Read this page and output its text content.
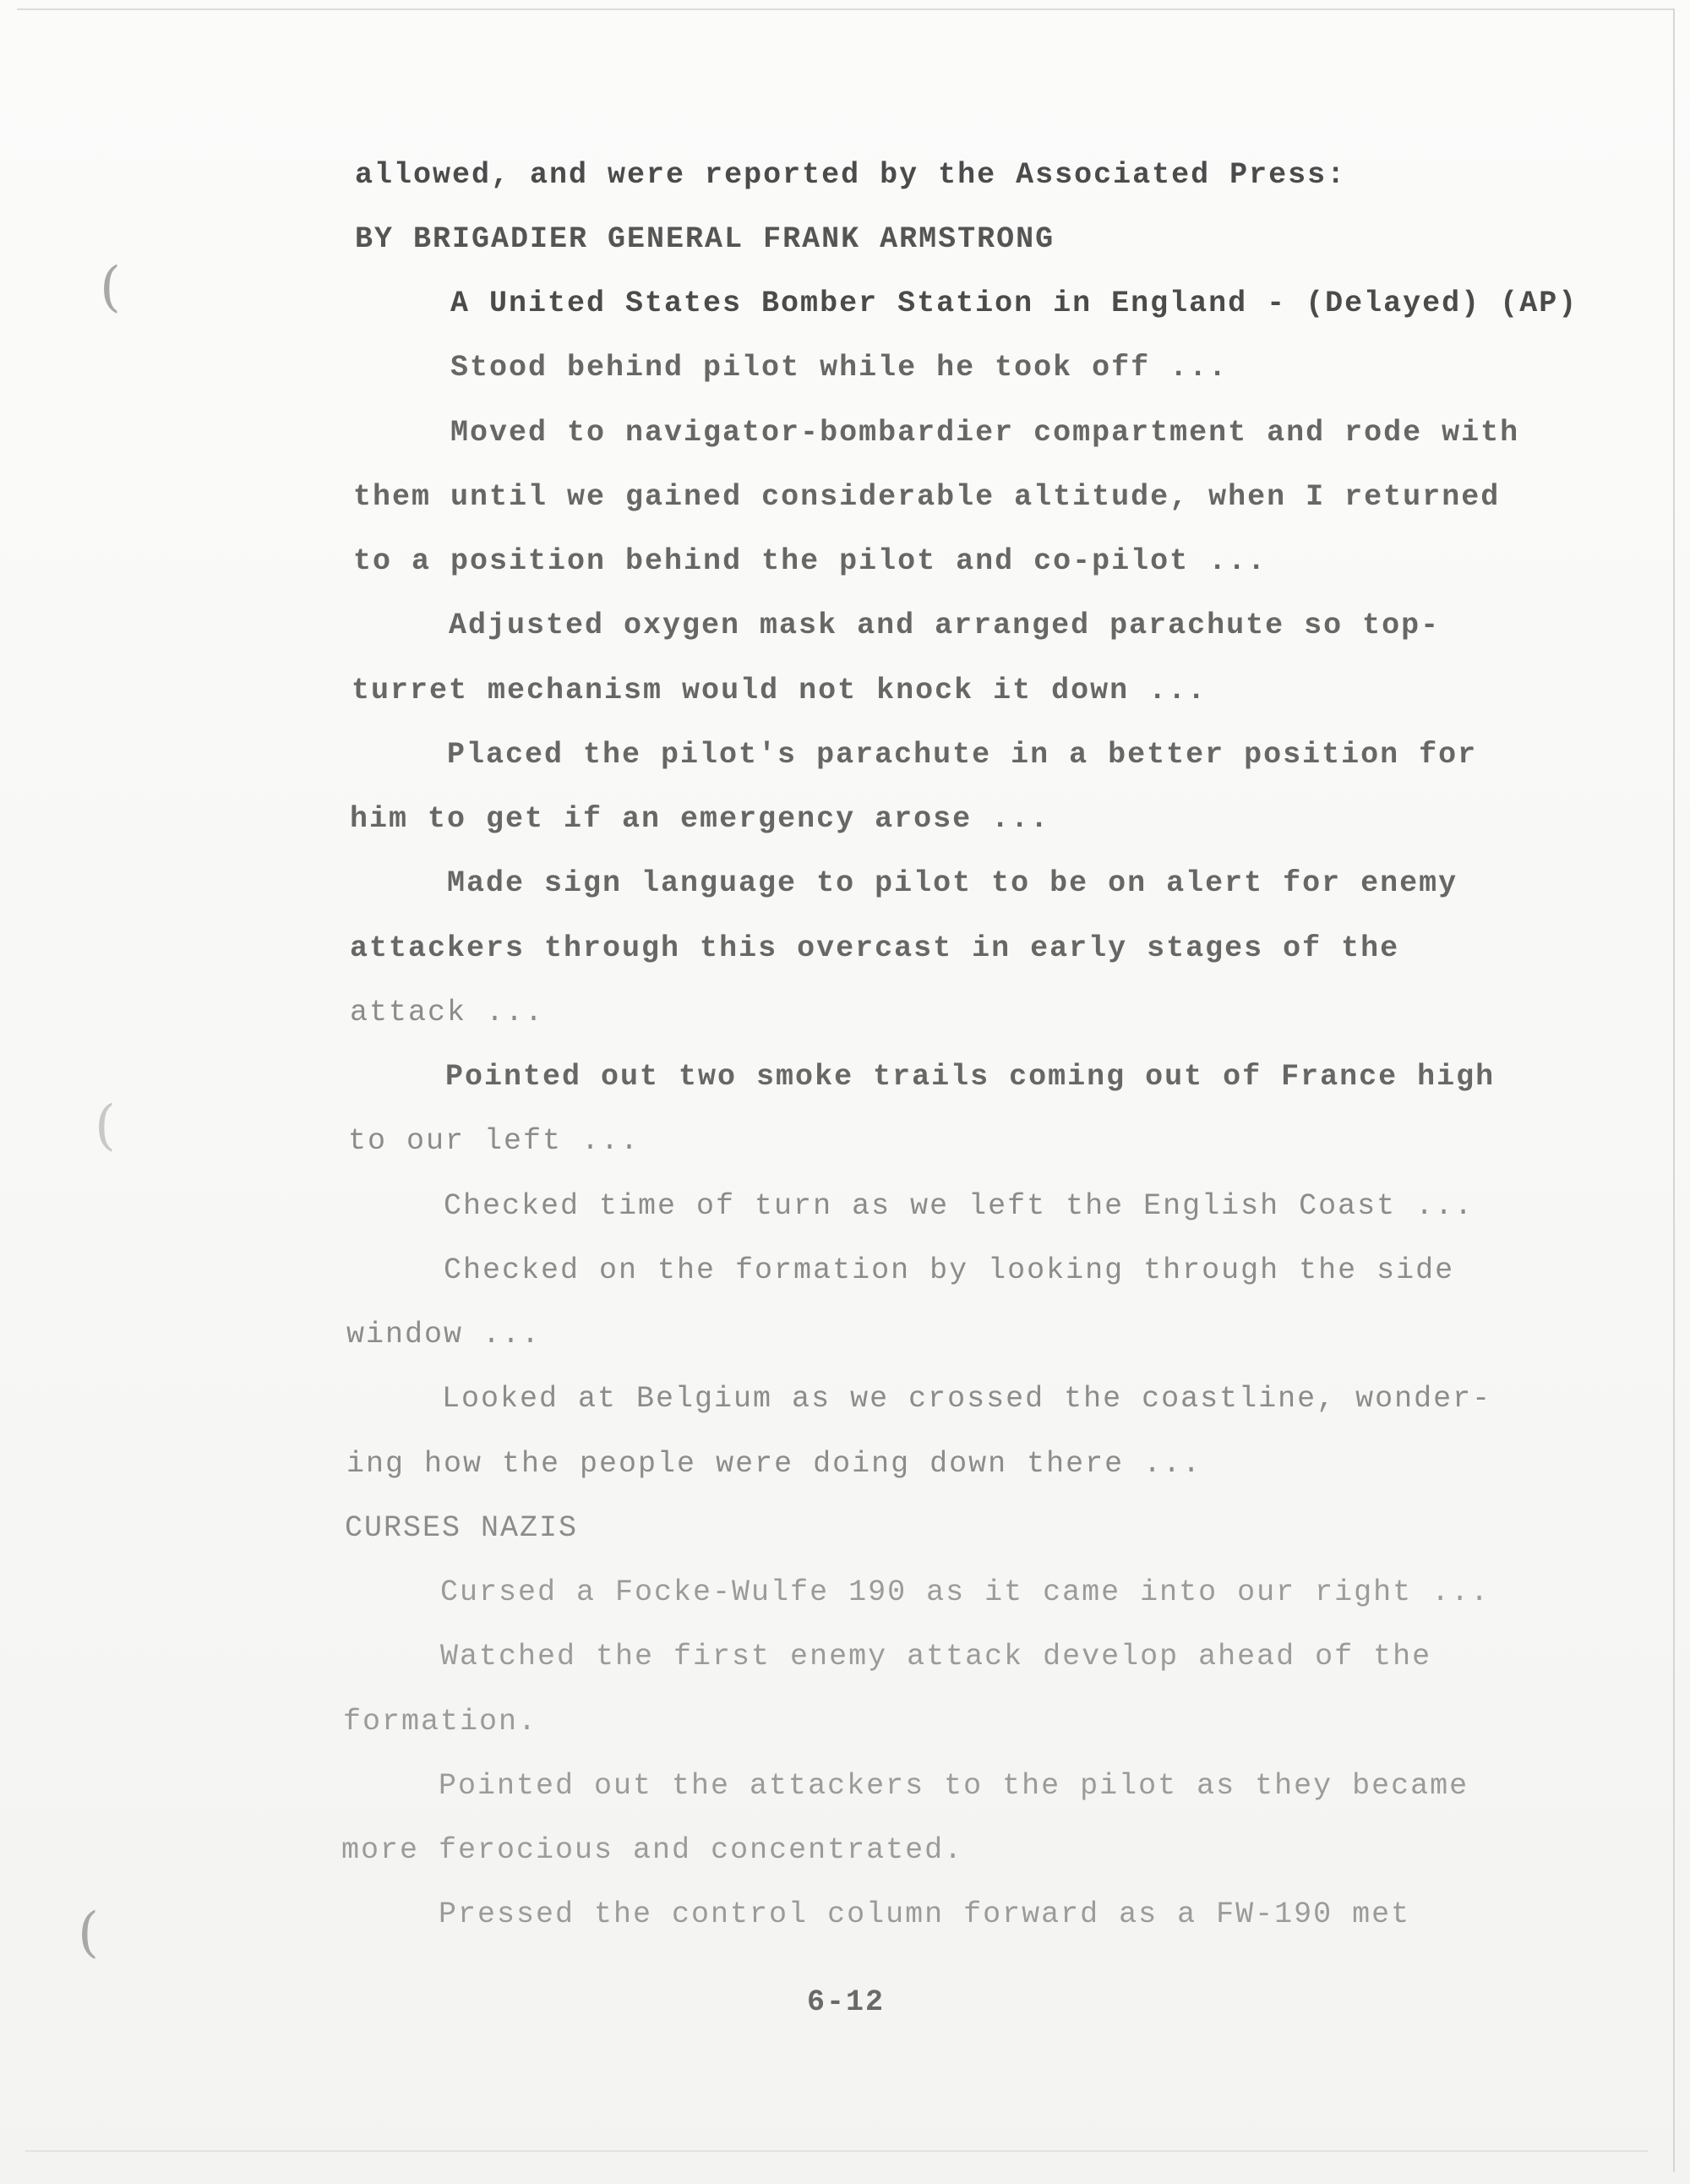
(
(
(
allowed, and were reported by the Associated Press:
BY BRIGADIER GENERAL FRANK ARMSTRONG
A United States Bomber Station in England - (Delayed) (AP)
Stood behind pilot while he took off ...
Moved to navigator-bombardier compartment and rode with
them until we gained considerable altitude, when I returned
to a position behind the pilot and co-pilot ...
Adjusted oxygen mask and arranged parachute so top-
turret mechanism would not knock it down ...
Placed the pilot's parachute in a better position for
him to get if an emergency arose ...
Made sign language to pilot to be on alert for enemy
attackers through this overcast in early stages of the
attack ...
Pointed out two smoke trails coming out of France high
to our left ...
Checked time of turn as we left the English Coast ...
Checked on the formation by looking through the side
window ...
Looked at Belgium as we crossed the coastline, wonder-
ing how the people were doing down there ...
CURSES NAZIS
Cursed a Focke-Wulfe 190 as it came into our right ...
Watched the first enemy attack develop ahead of the
formation.
Pointed out the attackers to the pilot as they became
more ferocious and concentrated.
Pressed the control column forward as a FW-190 met
6-12
